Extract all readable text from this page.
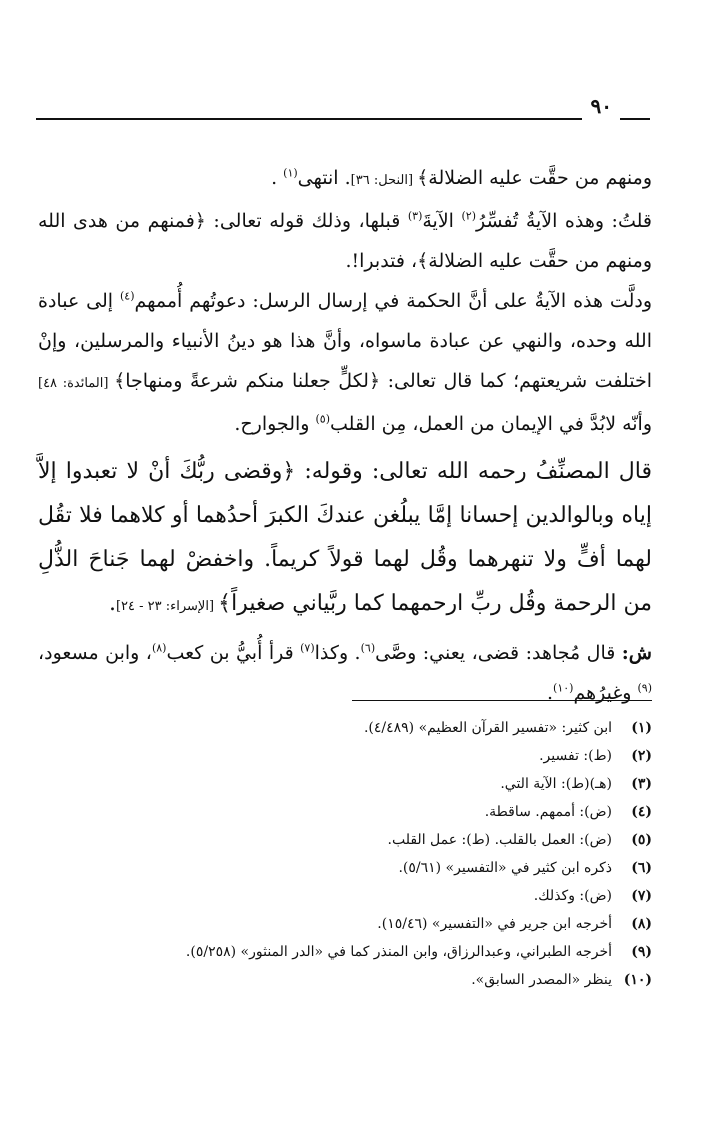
٩٠

ومنهم من حقَّت عليه الضلالة﴾ [النحل: ٣٦]. انتهى$^{(١)}$ .

قلتُ: وهذه الآيةُ تُفسِّرُ$^{(٢)}$ الآيةَ$^{(٣)}$ قبلها، وذلك قوله تعالى: ﴿فمنهم من هدى الله ومنهم من حقَّت عليه الضلالة﴾، فتدبرا!.

ودلَّت هذه الآيةُ على أنَّ الحكمة في إرسال الرسل: دعوتُهم أُممهم$^{(٤)}$ إلى عبادة الله وحده، والنهي عن عبادة ماسواه، وأنَّ هذا هو دينُ الأنبياء والمرسلين، وإنْ اختلفت شريعتهم؛ كما قال تعالى: ﴿لكلٍّ جعلنا منكم شرعةً ومنهاجا﴾ [المائدة: ٤٨] وأنّه لابُدَّ في الإيمان من العمل، مِن القلب$^{(٥)}$ والجوارح.

قال المصنِّفُ رحمه الله تعالى: وقوله: ﴿وقضى ربُّكَ أنْ لا تعبدوا إلاَّ إياه وبالوالدين إحسانا إمَّا يبلُغن عندكَ الكبرَ أحدُهما أو كلاهما فلا تقُل لهما أفٍّ ولا تنهرهما وقُل لهما قولاً كريماً. واخفضْ لهما جَناحَ الذُّلِ من الرحمة وقُل ربِّ ارحمهما كما ربَّياني صغيراً﴾ [الإسراء: ٢٣ - ٢٤].

ش: قال مُجاهد: قضى، يعني: وصَّى$^{(٦)}$. وكذا$^{(٧)}$ قرأ أُبيُّ بن كعب$^{(٨)}$، وابن مسعود،$^{(٩)}$ وغيرُهم$^{(١٠)}$.

(١)ابن كثير: «تفسير القرآن العظيم» (٤/٤٨٩).
(٢)(ط): تفسير.
(٣)(هـ)(ط): الآية التي.
(٤)(ض): أممهم. ساقطة.
(٥)(ض): العمل بالقلب. (ط): عمل القلب.
(٦)ذكره ابن كثير في «التفسير» (٥/٦١).
(٧)(ض): وكذلك.
(٨)أخرجه ابن جرير في «التفسير» (١٥/٤٦).
(٩)أخرجه الطبراني، وعبدالرزاق، وابن المنذر كما في «الدر المنثور» (٥/٢٥٨).
(١٠)ينظر «المصدر السابق».
